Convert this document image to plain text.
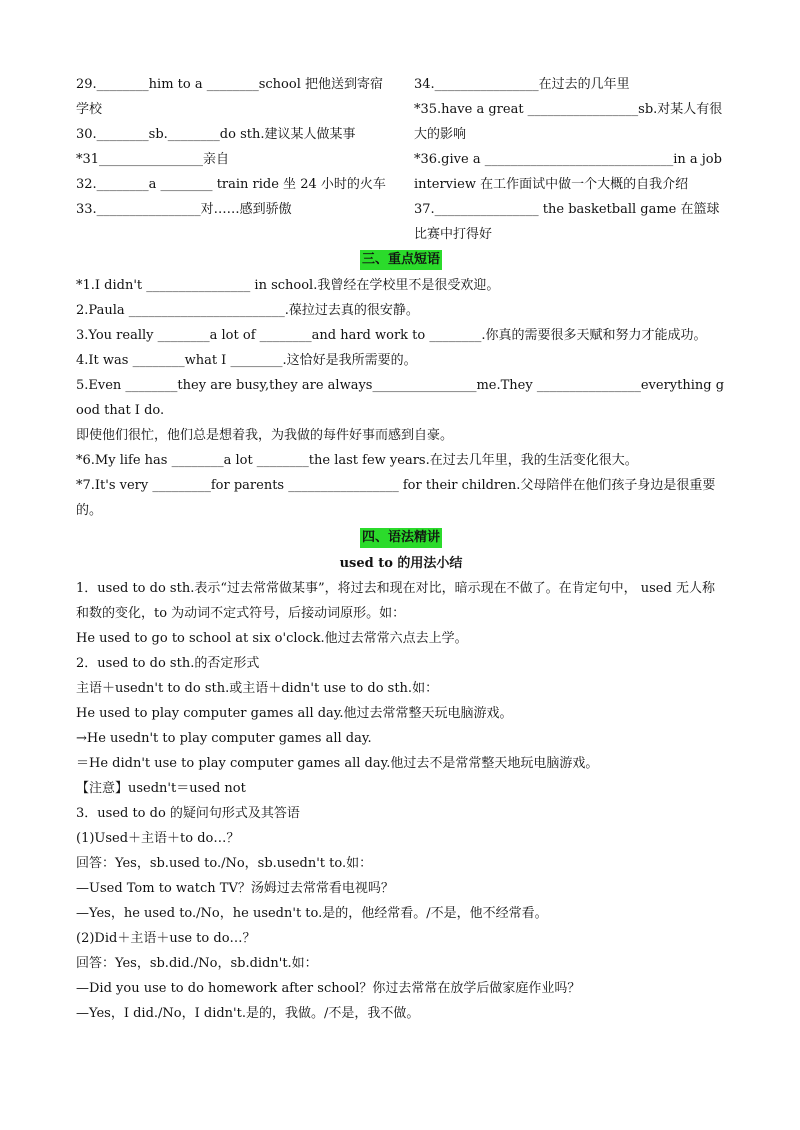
29.________him to a ________school 把他送到寄宿学校
30.________sb.________do sth.建议某人做某事
*31________________亲自
32.________a ________ train ride 坐 24 小时的火车
33.________________对……感到骄傲
34.________________在过去的几年里
*35.have a great _________________sb.对某人有很大的影响
*36.give a _____________________________in a job interview 在工作面试中做一个大概的自我介绍
37.________________ the basketball game 在篮球比赛中打得好
三、重点短语
*1.I didn't ________________ in school.我曾经在学校里不是很受欢迎。
2.Paula ________________________.葆拉过去真的很安静。
3.You really ________a lot of ________and hard work to ________.你真的需要很多天赋和努力才能成功。
4.It was ________what I ________.这恰好是我所需要的。
5.Even ________they are busy,they are always________________me.They ________________everything good that I do.
即使他们很忙，他们总是想着我，为我做的每件好事而感到自豪。
*6.My life has ________a lot ________the last few years.在过去几年里，我的生活变化很大。
*7.It's very _________for parents _________________ for their children.父母陪伴在他们孩子身边是很重要的。
四、语法精讲
used to 的用法小结
1．used to do sth.表示“过去常常做某事”，将过去和现在对比，暗示现在不做了。在肯定句中， used 无人称和数的变化，to 为动词不定式符号，后接动词原形。如：
He used to go to school at six o'clock.他过去常常六点去上学。
2．used to do sth.的否定形式
主语＋usedn't to do sth.或主语＋didn't use to do sth.如：
He used to play computer games all day.他过去常常整天玩电脑游戏。
→He usedn't to play computer games all day.
＝He didn't use to play computer games all day.他过去不是常常整天地玩电脑游戏。
【注意】usedn't＝used not
3．used to do 的疑问句形式及其答语
(1)Used＋主语＋to do…？
回答：Yes，sb.used to./No，sb.usedn't to.如：
—Used Tom to watch TV？汤姆过去常常看电视吗？
—Yes，he used to./No，he usedn't to.是的，他经常看。/不是，他不经常看。
(2)Did＋主语＋use to do…？
回答：Yes，sb.did./No，sb.didn't.如：
—Did you use to do homework after school？你过去常常在放学后做家庭作业吗？
—Yes，I did./No，I didn't.是的，我做。/不是，我不做。
